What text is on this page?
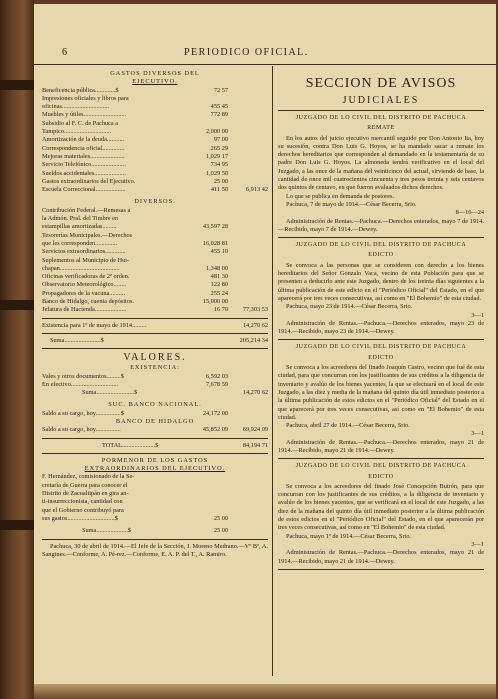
6	PERIODICO OFICIAL.
GASTOS DIVERSOS DEL
EJECUTIVO.
Beneficencia pública.............$	72 57
Impresiones oficiales y libros para
oficinas..............................	455 45
Muebles y útiles...........................	772 89
Subsidio al F. C. de Pachuca a
Tampico..............................	2,000 00
Amortización de la deuda...........	97 00
Correspondencia oficial..............	265 29
Mejoras materiales......................	1,029 17
Servicio Telefónico......................	734 95
Sueldos accidentales....................	1,029 50
Gastos extraordinarios del Ejecutivo.	25 00
Escuela Correccional...................	411 50	6,913 42
DIVERSOS.
Contribución Federal.—Remesas a
la Admón. Pral. del Timbre en
estampillas amortizadas.........	43,597 28
Tesorerías Municipales.—Derechos
que les corresponden..............	16,028 81
Servicios extraordinarios.............	455 10
Suplementos al Municipio de Hui-
chapan......................................	1,348 00
Oficinas verificadoras de 2º orden.	481 30
Observatorio Meteorológico........	122 80
Propagadores de la vacuna..........	255 24
Banco de Hidalgo, cuenta depósitos.	15,000 00
Jefatura de Hacienda....................	16 70	77,303 53
Existencia para 1º de mayo de 1914.........	14,270 62
Suma.......................$	205,214 34
VALORES.
EXISTENCIA:
Vales y otros documentos.........$	6,592 03
En efectivo..............................	7,678 59
Suma........................$	14,270 62
SUC. BANCO NACIONAL.
Saldo a su cargo, hoy................$	24,172 00
BANCO DE HIDALGO
Saldo a su cargo, hoy................	45,852 09	69,924 09
TOTAL.....................$	84,194 71
PORMENOR DE LOS GASTOS
EXTRAORDINARIOS DEL EJECUTIVO.
F. Hernández, comisionado de la Se-
cretaría de Guerra para conocer el
Distrito de Zacualtipán en gira an-
ti-insurreccionista, cantidad con
que el Gobierno contribuyó para
sus gastos..............................$	25 00
Suma....................$	25 00

Pachuca, 30 de abril de 1914.—El Jefe de la Sección, J. Moreno Medrano.—Vº Bº, A. Sangines.—Conforme, A. Pé-rez.—Conforme, E. A. P. del T., A. Ramiro.

SECCION DE AVISOS
JUDICIALES
JUZGADO DE LO CIVIL DEL DISTRITO DE PACHUCA
REMATE

En los autos del juicio ejecutivo mercantil seguido por Don Antonio Ita, hoy su sucesión, contra Don Luis G. Hoyos, se ha mandado sacar a remate los derechos hereditarios que corresponden al demandado en la testamentaría de su padre Don Luis G. Hoyos. La almoneda tendrá verificativo en el local del Juzgado, a las once de la mañana del veinticinco del actual, sirviendo de base, la cantidad de once mil cuatrocientos cincuenta y tres pesos treinta y seis centavos dos quintos de centavo, en que fueron avaluados dichos derechos.

Lo que se publica en demanda de postores.

Pachuca, 7 de mayo de 1914.—César Becerra, Srio.

8—16—24

Administración de Rentas.—Pachuca.—Derechos enterados, mayo 7 de 1914.—Recibido, mayo 7 de 1914.—Dewey.

JUZGADO DE LO CIVIL DEL DISTRITO DE PACHUCA
EDICTO

Se convoca a las personas que se consideren con derecho a los bienes hereditarios del Señor Gonzalo Vaca, vecino de esta Población para que se presenten a deducirlo ante este Juzgado, dentro de los treinta días siguientes a la última publicación de este edicto en el "Periódico Oficial" del Estado, en el que aparecerá por tres veces consecutivas, así como en "El Bohemio" de esta ciudad.

Pachuca, mayo 23 de 1914.—César Becerra, Srio.

3—1

Administración de Rentas.—Pachuca.—Derechos enterados, mayo 23 de 1914.—Recibido, mayo 23 de 1914.—Dewey.

JUZGADO DE LO CIVIL DEL DISTRITO DE PACHUCA
EDICTO

Se convoca a los acreedores del finado Joaquín Castro, vecino que fué de esta ciudad, para que concurran con los justificantes de sus créditos a la diligencia de inventario y avalúo de los bienes yacentes, la que se efectuará en el local de este Juzgado, a las diez y media de la mañana del quinto día útil inmediato posterior a la última publicación de estos edictos en el "Periódico Oficial" del Estado en el que aparecerá por tres veces consecutivas, así como en "El Bohemio" de esta ciudad.

Pachuca, abril 27 de 1914.—César Becerra, Srio.

3—1

Administración de Rentas.—Pachuca.—Derechos enterados, mayo 21 de 1914.—Recibido, mayo 21 de 1914.—Dewey.

JUZGADO DE LO CIVIL DEL DISTRITO DE PACHUCA
EDICTO

Se convoca a los acreedores del finado José Concepción Butrón, para que concurran con los justificantes de sus créditos, a la diligencia de inventario y avalúo de los bienes yacentes, que se verificará en el local de este Juzgado, a las diez de la mañana del quinto día útil inmediato posterior a la última publicación de estos edictos en el "Periódico Oficial" del Estado, en el que aparecerán por tres veces consecutivas, así como en "El Bohemio" de esta ciudad.

Pachuca, mayo 1º de 1914.—César Becerra, Srio.

3—1

Administración de Rentas.—Pachuca.—Derechos enterados, mayo 21 de 1914.—Recibido, mayo 21 de 1914.—Dewey.
